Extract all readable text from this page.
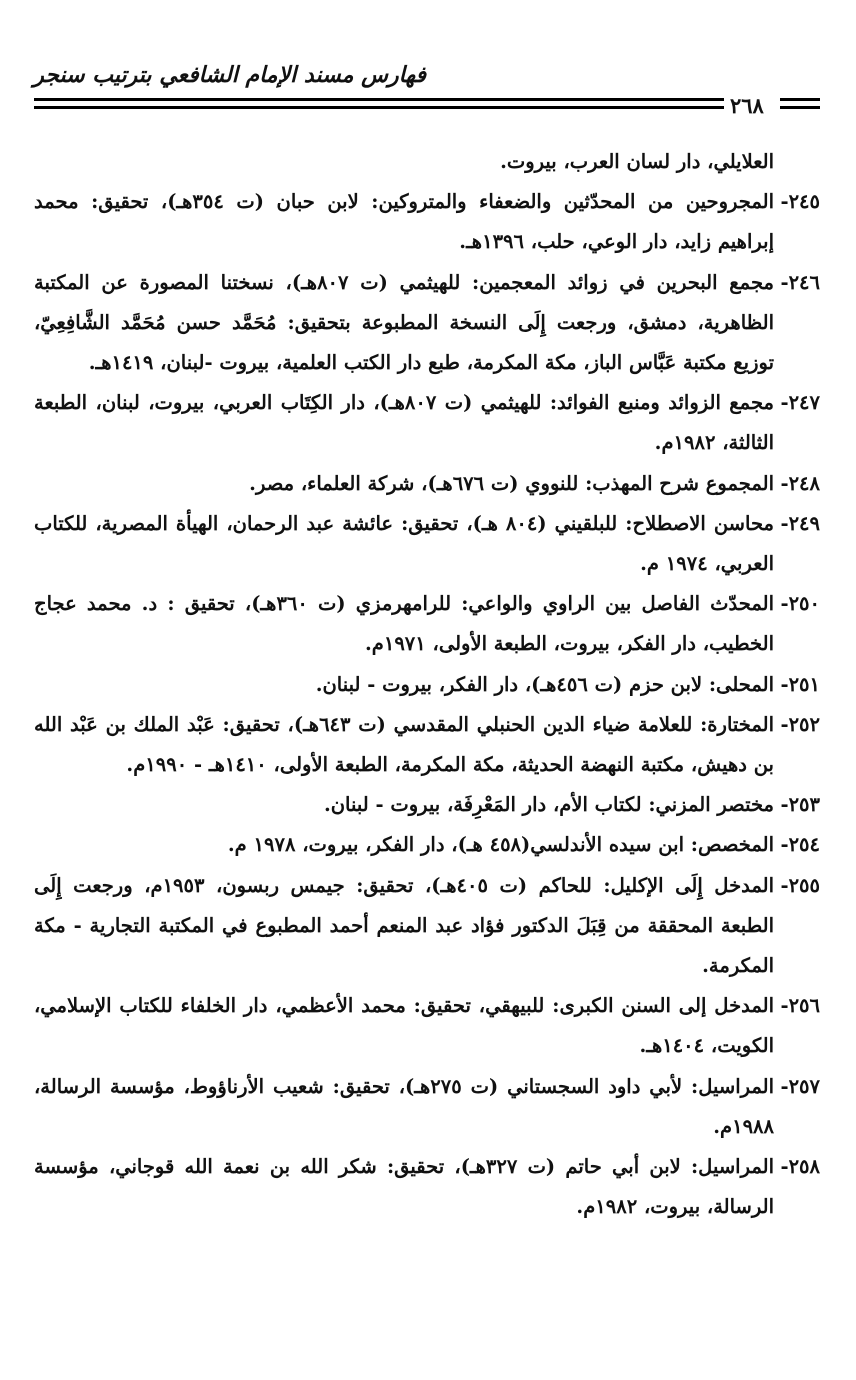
فهارس مسند الإمام الشافعي بترتيب سنجر
٢٦٨
العلايلي، دار لسان العرب، بيروت.
٢٤٥-
المجروحين من المحدّثين والضعفاء والمتروكين: لابن حبان (ت ٣٥٤هـ)، تحقيق: محمد إبراهيم زايد، دار الوعي، حلب، ١٣٩٦هـ.
٢٤٦-
مجمع البحرين في زوائد المعجمين: للهيثمي (ت ٨٠٧هـ)، نسختنا المصورة عن المكتبة الظاهرية، دمشق، ورجعت إِلَى النسخة المطبوعة بتحقيق: مُحَمَّد حسن مُحَمَّد الشَّافِعِيّ، توزيع مكتبة عَبَّاس الباز، مكة المكرمة، طبع دار الكتب العلمية، بيروت -لبنان، ١٤١٩هـ.
٢٤٧-
مجمع الزوائد ومنبع الفوائد: للهيثمي (ت ٨٠٧هـ)، دار الكِتَاب العربي، بيروت، لبنان، الطبعة الثالثة، ١٩٨٢م.
٢٤٨-
المجموع شرح المهذب: للنووي (ت ٦٧٦هـ)، شركة العلماء، مصر.
٢٤٩-
محاسن الاصطلاح: للبلقيني (٨٠٤ هـ)، تحقيق: عائشة عبد الرحمان، الهيأة المصرية، للكتاب العربي، ١٩٧٤ م.
٢٥٠-
المحدّث الفاصل بين الراوي والواعي: للرامهرمزي (ت ٣٦٠هـ)، تحقيق : د. محمد عجاج الخطيب، دار الفكر، بيروت، الطبعة الأولى، ١٩٧١م.
٢٥١-
المحلى: لابن حزم (ت ٤٥٦هـ)، دار الفكر، بيروت - لبنان.
٢٥٢-
المختارة: للعلامة ضياء الدين الحنبلي المقدسي (ت ٦٤٣هـ)، تحقيق: عَبْد الملك بن عَبْد الله بن دهيش، مكتبة النهضة الحديثة، مكة المكرمة، الطبعة الأولى، ١٤١٠هـ - ١٩٩٠م.
٢٥٣-
مختصر المزني: لكتاب الأم، دار المَعْرِفَة، بيروت - لبنان.
٢٥٤-
المخصص: ابن سيده الأندلسي(٤٥٨ هـ)، دار الفكر، بيروت، ١٩٧٨ م.
٢٥٥-
المدخل إِلَى الإكليل: للحاكم (ت ٤٠٥هـ)، تحقيق: جيمس ربسون، ١٩٥٣م، ورجعت إِلَى الطبعة المحققة من قِبَلَ الدكتور فؤاد عبد المنعم أحمد المطبوع في المكتبة التجارية - مكة المكرمة.
٢٥٦-
المدخل إلى السنن الكبرى: للبيهقي، تحقيق: محمد الأعظمي، دار الخلفاء للكتاب الإسلامي، الكويت، ١٤٠٤هـ.
٢٥٧-
المراسيل: لأبي داود السجستاني (ت ٢٧٥هـ)، تحقيق: شعيب الأرناؤوط، مؤسسة الرسالة، ١٩٨٨م.
٢٥٨-
المراسيل: لابن أبي حاتم (ت ٣٢٧هـ)، تحقيق: شكر الله بن نعمة الله قوجاني، مؤسسة الرسالة، بيروت، ١٩٨٢م.
